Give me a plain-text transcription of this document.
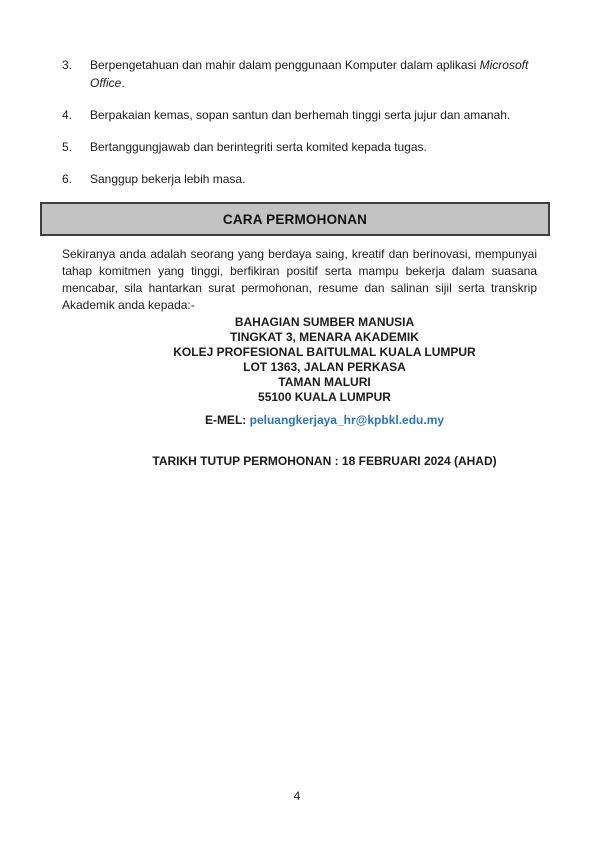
3.	Berpengetahuan dan mahir dalam penggunaan Komputer dalam aplikasi Microsoft Office.
4.	Berpakaian kemas, sopan santun dan berhemah tinggi serta jujur dan amanah.
5.	Bertanggungjawab dan berintegriti serta komited kepada tugas.
6.	Sanggup bekerja lebih masa.
CARA PERMOHONAN

Sekiranya anda adalah seorang yang berdaya saing, kreatif dan berinovasi, mempunyai tahap komitmen yang tinggi, berfikiran positif serta mampu bekerja dalam suasana mencabar, sila hantarkan surat permohonan, resume dan salinan sijil serta transkrip Akademik anda kepada:-

BAHAGIAN SUMBER MANUSIA
TINGKAT 3, MENARA AKADEMIK
KOLEJ PROFESIONAL BAITULMAL KUALA LUMPUR
LOT 1363, JALAN PERKASA
TAMAN MALURI
55100 KUALA LUMPUR
E-MEL: peluangkerjaya_hr@kpbkl.edu.my
TARIKH TUTUP PERMOHONAN : 18 FEBRUARI 2024 (AHAD)
4
